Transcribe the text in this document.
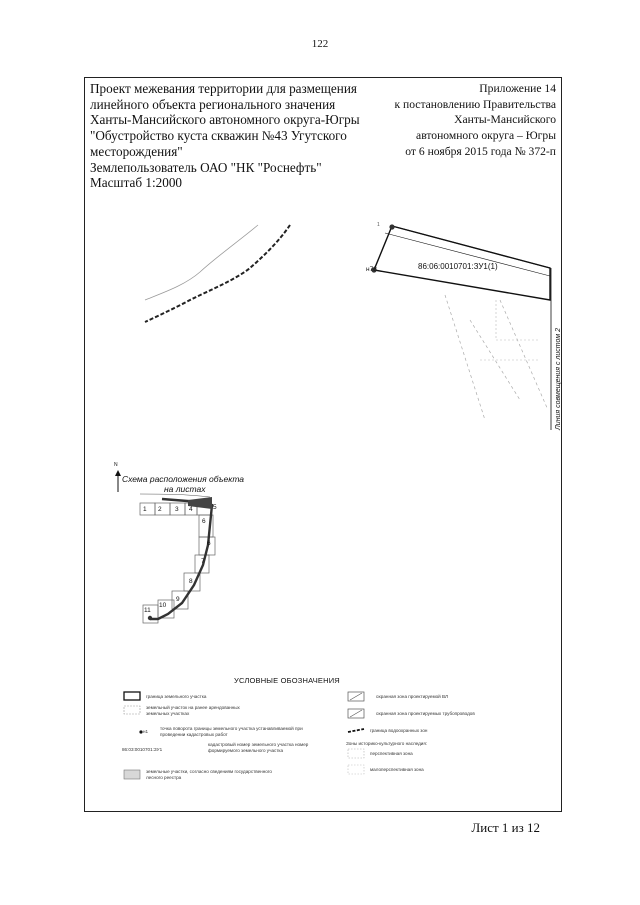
122
Проект межевания территории для размещения
линейного объекта регионального значения
Ханты-Мансийского автономного округа-Югры
"Обустройство куста скважин №43 Угутского
месторождения"
Землепользователь ОАО "НК "Роснефть"
Масштаб 1:2000
Приложение 14
к постановлению Правительства
Ханты-Мансийского
автономного округа – Югры
от 6 ноября 2015 года № 372-п
н78
1
86:06:0010701:ЗУ1(1)
Линия совмещения с листом 2
N
Схема расположения объекта
на листах
1 2 3 4	5
6
6
7
8
9
10
11
УСЛОВНЫЕ ОБОЗНАЧЕНИЯ
граница земельного участка
земельный участок на ранее арендованных земельных участках
н1
точка поворота границы земельного участка устанавливаемой при проведении кадастровых работ
86:03:0010701:ЗУ1
кадастровый номер земельного участка номер формируемого земельного участка
земельные участки, согласно сведениям государственного лесного реестра
охранная зона проектируемой ВЛ
охранная зона проектируемых трубопроводов
граница водоохранных зон
Зоны историко-культурного наследия:
перспективная зона
малоперспективная зона
Лист 1 из 12
